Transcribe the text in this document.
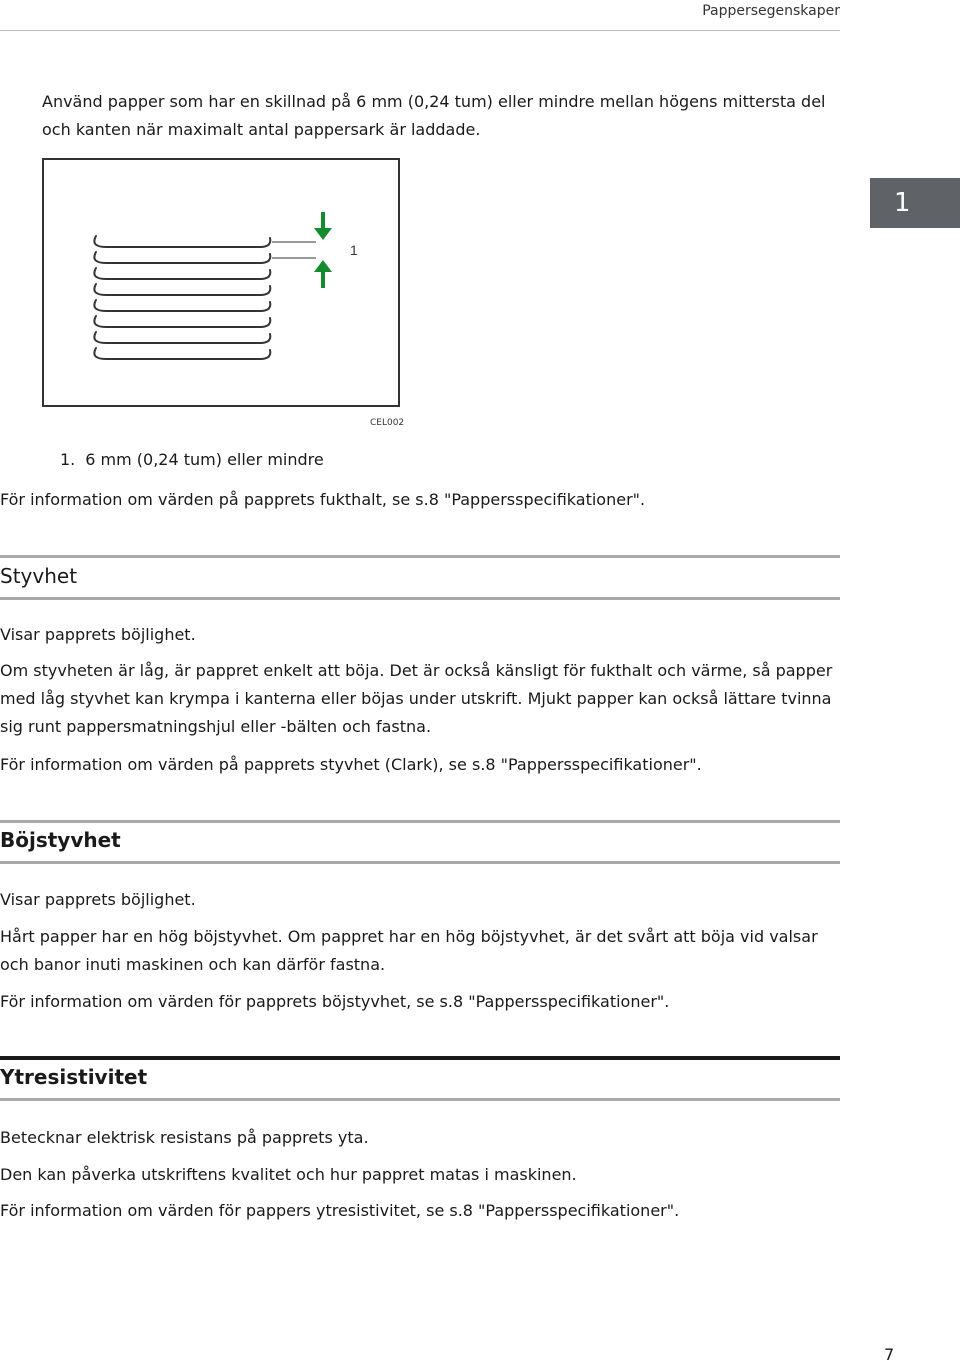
Pappersegenskaper
1

Använd papper som har en skillnad på 6 mm (0,24 tum) eller mindre mellan högens mittersta del

och kanten när maximalt antal pappersark är laddade.

1
CEL002
1. 6 mm (0,24 tum) eller mindre

För information om värden på papprets fukthalt, se s.8 "Pappersspecifikationer".

Styvhet

Visar papprets böjlighet.

Om styvheten är låg, är pappret enkelt att böja. Det är också känsligt för fukthalt och värme, så papper

med låg styvhet kan krympa i kanterna eller böjas under utskrift. Mjukt papper kan också lättare tvinna

sig runt pappersmatningshjul eller -bälten och fastna.

För information om värden på papprets styvhet (Clark), se s.8 "Pappersspecifikationer".

Böjstyvhet

Visar papprets böjlighet.

Hårt papper har en hög böjstyvhet. Om pappret har en hög böjstyvhet, är det svårt att böja vid valsar

och banor inuti maskinen och kan därför fastna.

För information om värden för papprets böjstyvhet, se s.8 "Pappersspecifikationer".

Ytresistivitet

Betecknar elektrisk resistans på papprets yta.

Den kan påverka utskriftens kvalitet och hur pappret matas i maskinen.

För information om värden för pappers ytresistivitet, se s.8 "Pappersspecifikationer".

7
